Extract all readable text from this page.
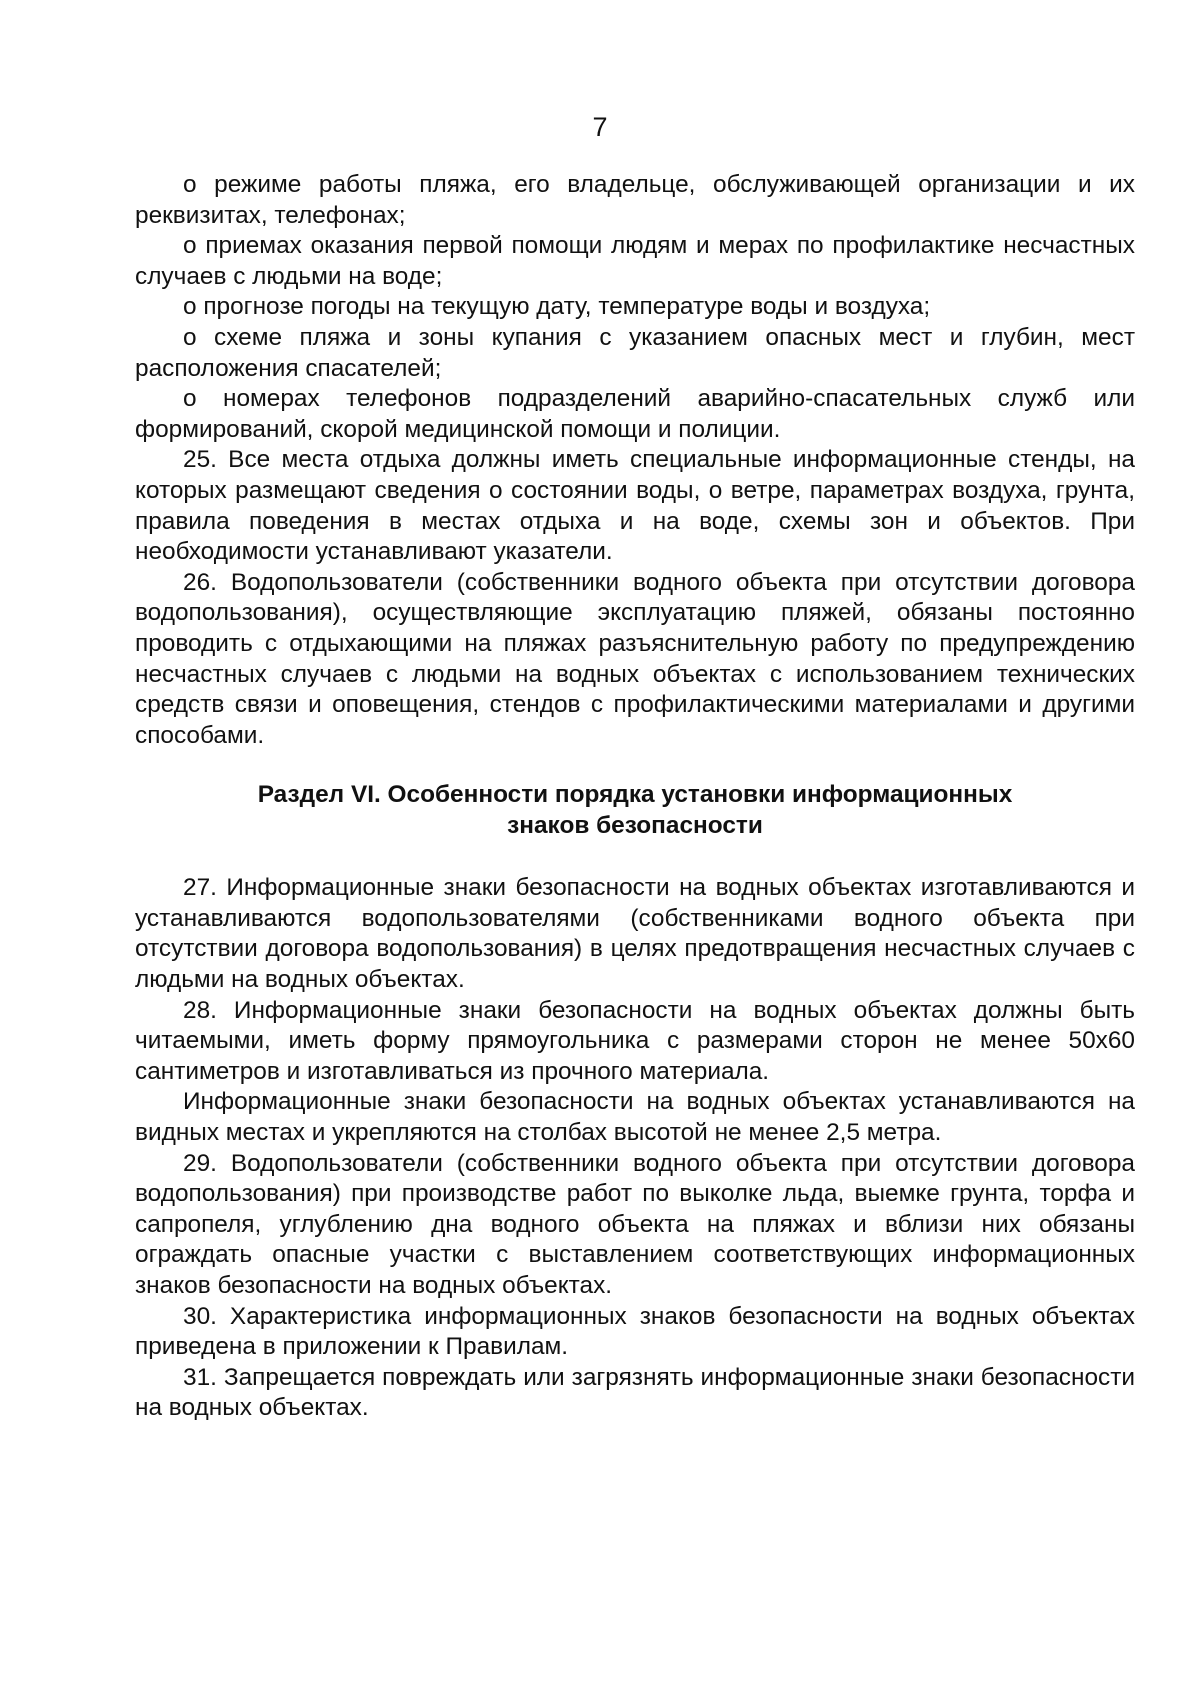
7

о режиме работы пляжа, его владельце, обслуживающей организации и их реквизитах, телефонах;

о приемах оказания первой помощи людям и мерах по профилактике несчастных случаев с людьми на воде;

о прогнозе погоды на текущую дату, температуре воды и воздуха;

о схеме пляжа и зоны купания с указанием опасных мест и глубин, мест расположения спасателей;

о номерах телефонов подразделений аварийно-спасательных служб или формирований, скорой медицинской помощи и полиции.

25. Все места отдыха должны иметь специальные информационные стенды, на которых размещают сведения о состоянии воды, о ветре, параметрах воздуха, грунта, правила поведения в местах отдыха и на воде, схемы зон и объектов. При необходимости устанавливают указатели.

26. Водопользователи (собственники водного объекта при отсутствии договора водопользования), осуществляющие эксплуатацию пляжей, обязаны постоянно проводить с отдыхающими на пляжах разъяснительную работу по предупреждению несчастных случаев с людьми на водных объектах с использованием технических средств связи и оповещения, стендов с профилактическими материалами и другими способами.

Раздел VI. Особенности порядка установки информационных
знаков безопасности

27. Информационные знаки безопасности на водных объектах изготавливаются и устанавливаются водопользователями (собственниками водного объекта при отсутствии договора водопользования) в целях предотвращения несчастных случаев с людьми на водных объектах.

28. Информационные знаки безопасности на водных объектах должны быть читаемыми, иметь форму прямоугольника с размерами сторон не менее 50х60 сантиметров и изготавливаться из прочного материала.

Информационные знаки безопасности на водных объектах устанавливаются на видных местах и укрепляются на столбах высотой не менее 2,5 метра.

29. Водопользователи (собственники водного объекта при отсутствии договора водопользования) при производстве работ по выколке льда, выемке грунта, торфа и сапропеля, углублению дна водного объекта на пляжах и вблизи них обязаны ограждать опасные участки с выставлением соответствующих информационных знаков безопасности на водных объектах.

30. Характеристика информационных знаков безопасности на водных объектах приведена в приложении к Правилам.

31. Запрещается повреждать или загрязнять информационные знаки безопасности на водных объектах.
